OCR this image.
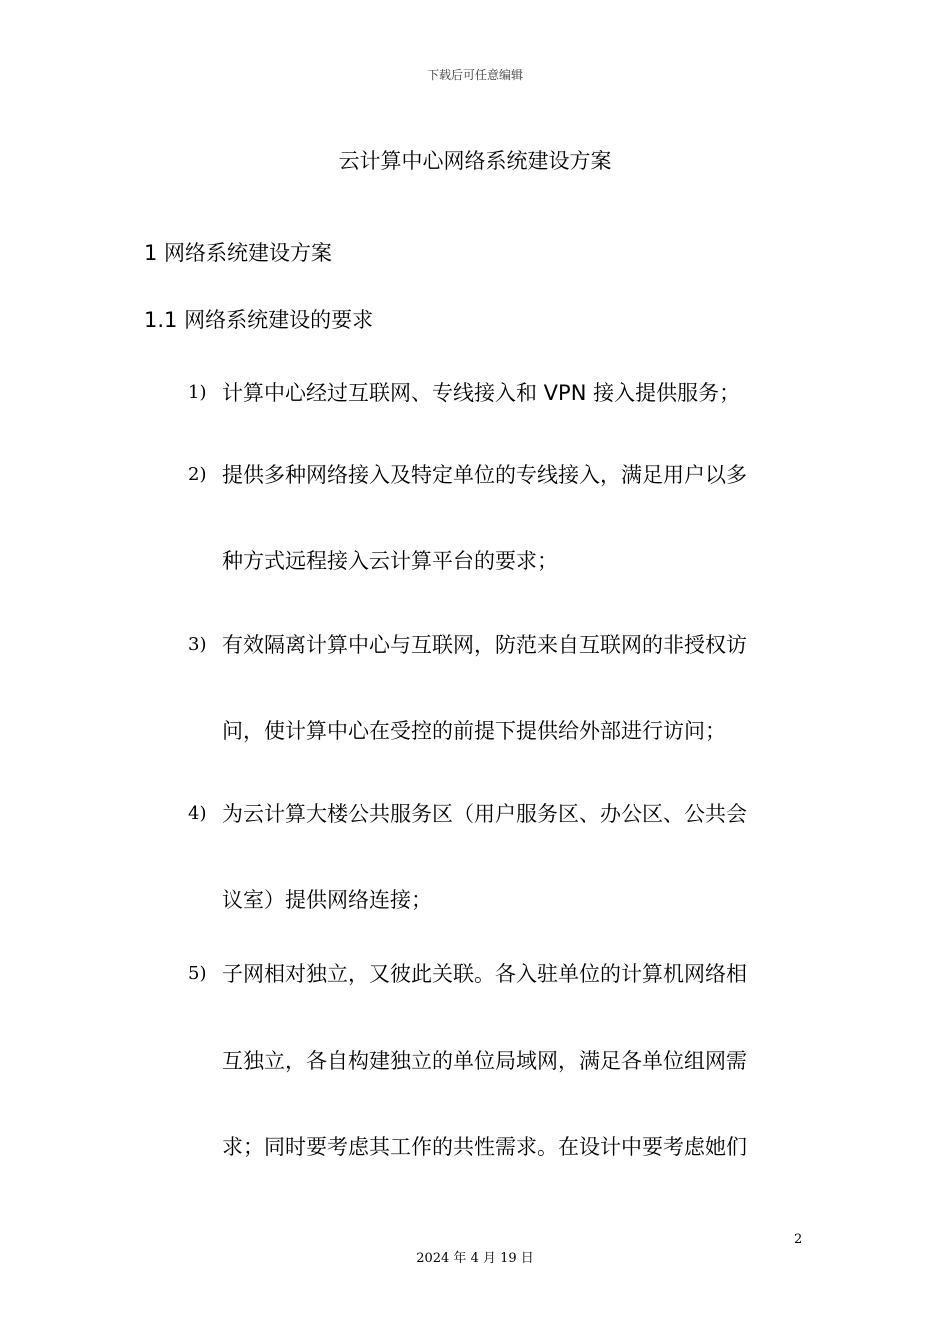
下载后可任意编辑
云计算中心网络系统建设方案
1 网络系统建设方案
1.1 网络系统建设的要求
1) 计算中心经过互联网、专线接入和 VPN 接入提供服务；
2) 提供多种网络接入及特定单位的专线接入，满足用户以多
种方式远程接入云计算平台的要求；
3) 有效隔离计算中心与互联网，防范来自互联网的非授权访
问，使计算中心在受控的前提下提供给外部进行访问；
4) 为云计算大楼公共服务区（用户服务区、办公区、公共会
议室）提供网络连接；
5) 子网相对独立，又彼此关联。各入驻单位的计算机网络相
互独立，各自构建独立的单位局域网，满足各单位组网需
求；同时要考虑其工作的共性需求。在设计中要考虑她们
2
2024 年 4 月 19 日
